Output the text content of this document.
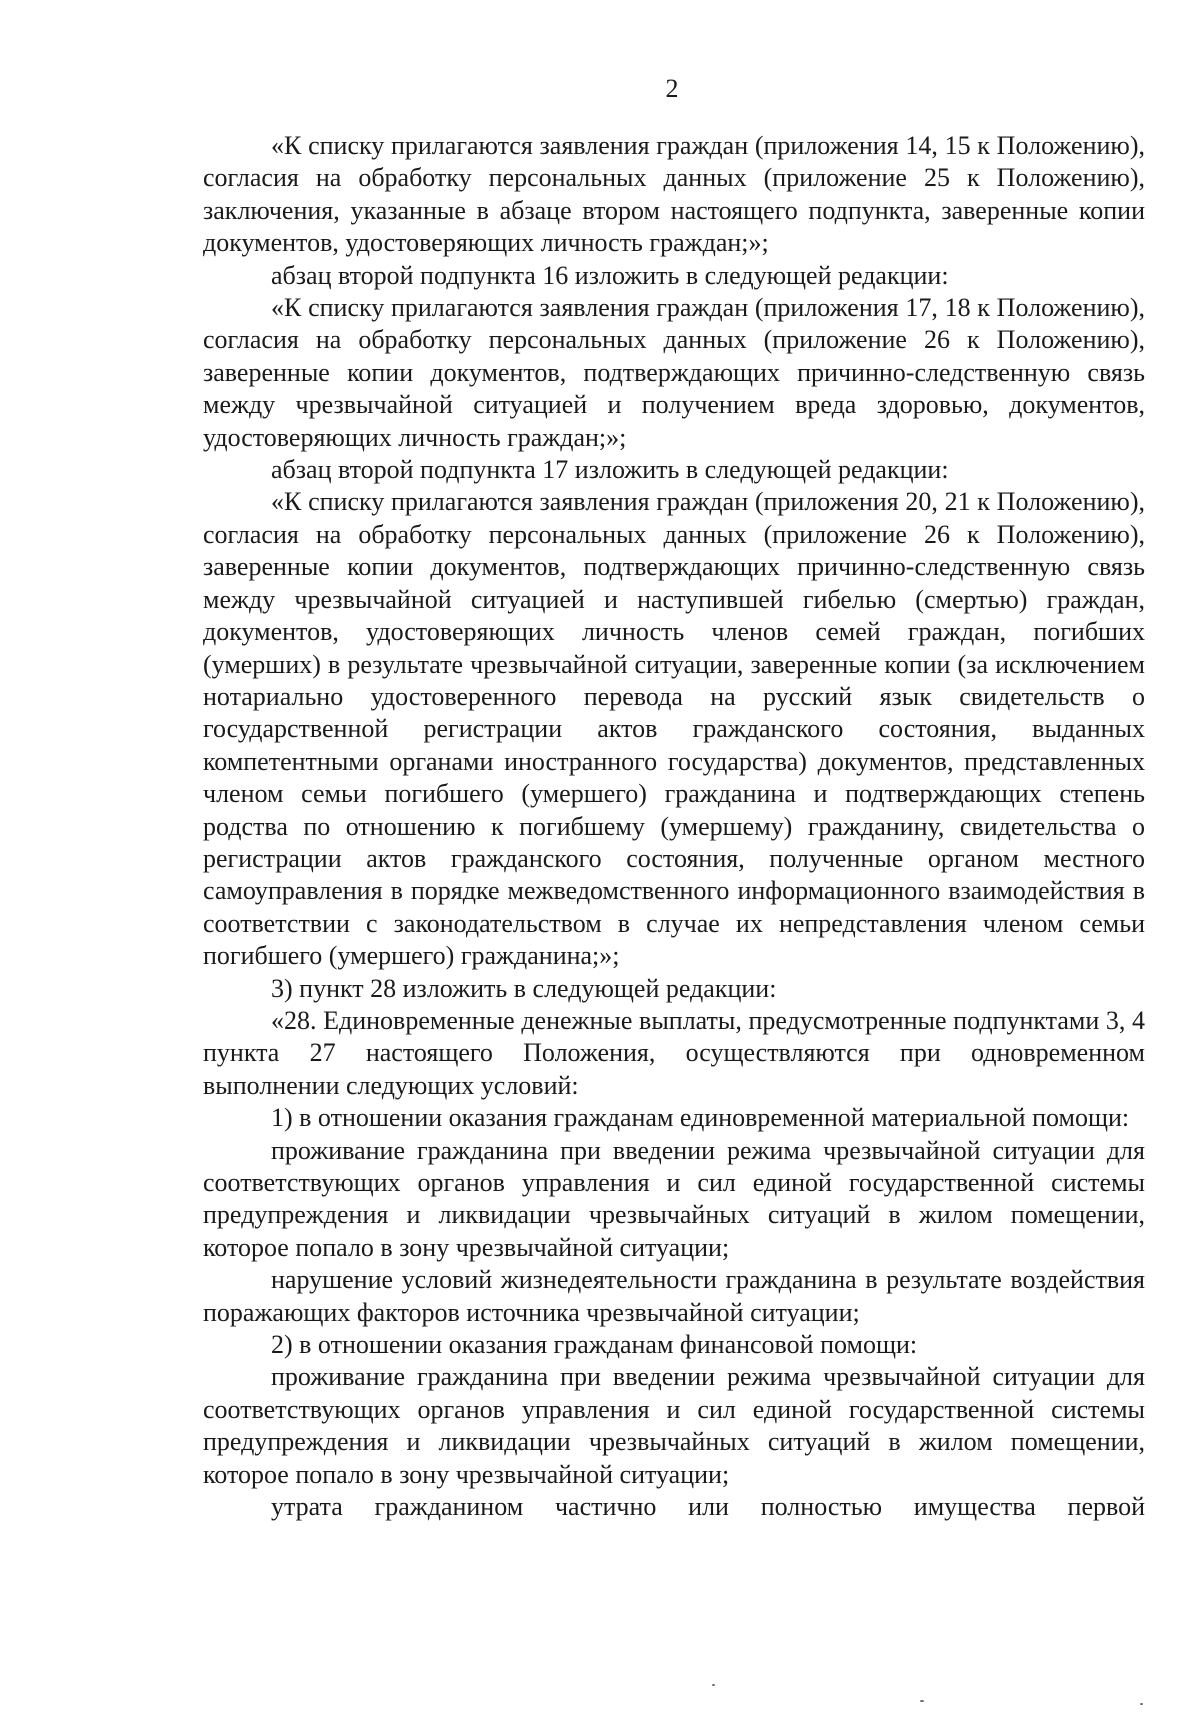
2

«К списку прилагаются заявления граждан (приложения 14, 15 к Положению), согласия на обработку персональных данных (приложение 25 к Положению), заключения, указанные в абзаце втором настоящего подпункта, заверенные копии документов, удостоверяющих личность граждан;»;

абзац второй подпункта 16 изложить в следующей редакции:

«К списку прилагаются заявления граждан (приложения 17, 18 к Положению), согласия на обработку персональных данных (приложение 26 к Положению), заверенные копии документов, подтверждающих причинно-следственную связь между чрезвычайной ситуацией и получением вреда здоровью, документов, удостоверяющих личность граждан;»;

абзац второй подпункта 17 изложить в следующей редакции:

«К списку прилагаются заявления граждан (приложения 20, 21 к Положению), согласия на обработку персональных данных (приложение 26 к Положению), заверенные копии документов, подтверждающих причинно-следственную связь между чрезвычайной ситуацией и наступившей гибелью (смертью) граждан, документов, удостоверяющих личность членов семей граждан, погибших (умерших) в результате чрезвычайной ситуации, заверенные копии (за исключением нотариально удостоверенного перевода на русский язык свидетельств о государственной регистрации актов гражданского состояния, выданных компетентными органами иностранного государства) документов, представленных членом семьи погибшего (умершего) гражданина и подтверждающих степень родства по отношению к погибшему (умершему) гражданину, свидетельства о регистрации актов гражданского состояния, полученные органом местного самоуправления в порядке межведомственного информационного взаимодействия в соответствии с законодательством в случае их непредставления членом семьи погибшего (умершего) гражданина;»;

3) пункт 28 изложить в следующей редакции:

«28. Единовременные денежные выплаты, предусмотренные подпунктами 3, 4 пункта 27 настоящего Положения, осуществляются при одновременном выполнении следующих условий:

1) в отношении оказания гражданам единовременной материальной помощи:

проживание гражданина при введении режима чрезвычайной ситуации для соответствующих органов управления и сил единой государственной системы предупреждения и ликвидации чрезвычайных ситуаций в жилом помещении, которое попало в зону чрезвычайной ситуации;

нарушение условий жизнедеятельности гражданина в результате воздействия поражающих факторов источника чрезвычайной ситуации;

2) в отношении оказания гражданам финансовой помощи:

проживание гражданина при введении режима чрезвычайной ситуации для соответствующих органов управления и сил единой государственной системы предупреждения и ликвидации чрезвычайных ситуаций в жилом помещении, которое попало в зону чрезвычайной ситуации;

утрата гражданином частично или полностью имущества первой
